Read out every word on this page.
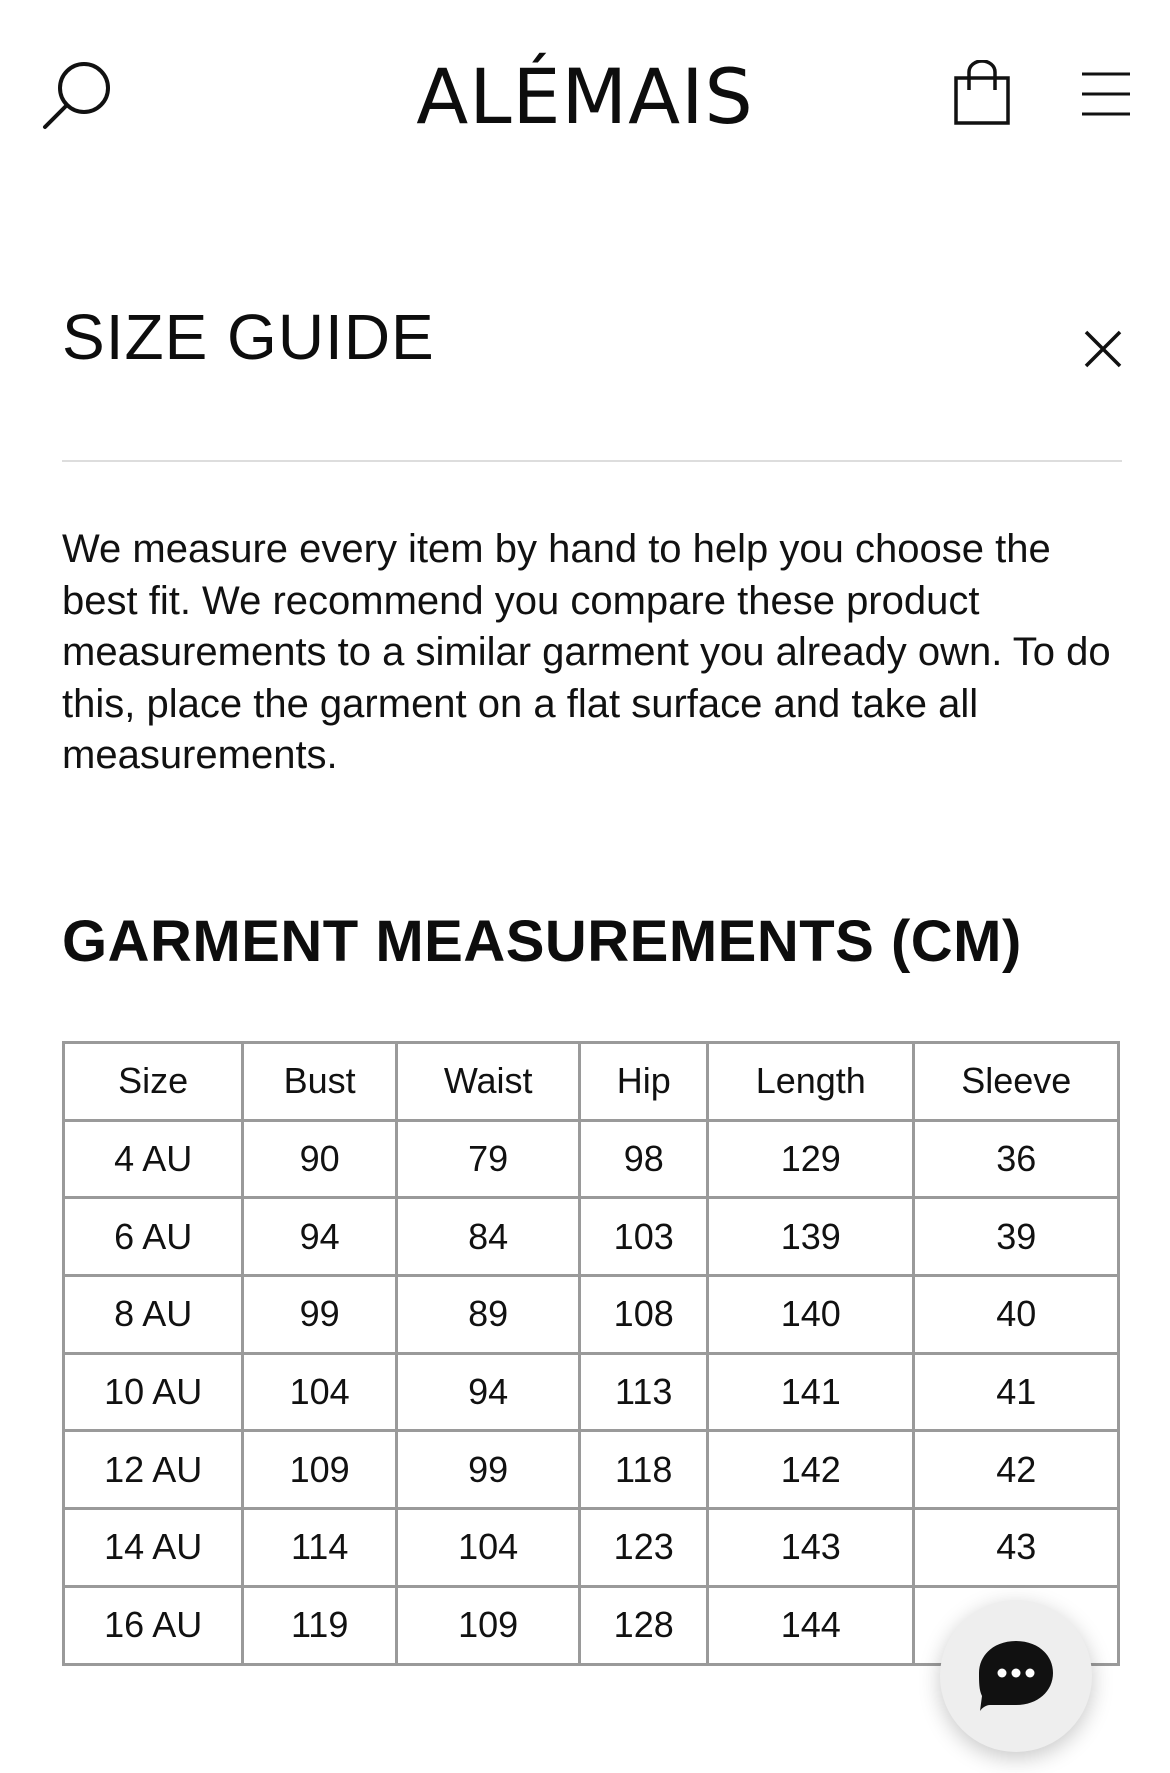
ALÉMAIS
SIZE GUIDE

We measure every item by hand to help you choose the best fit. We recommend you compare these product measurements to a similar garment you already own. To do this, place the garment on a flat surface and take all measurements.

GARMENT MEASUREMENTS (CM)
Size	Bust	Waist	Hip	Length	Sleeve
4 AU	90	79	98	129	36
6 AU	94	84	103	139	39
8 AU	99	89	108	140	40
10 AU	104	94	113	141	41
12 AU	109	99	118	142	42
14 AU	114	104	123	143	43
16 AU	119	109	128	144	
